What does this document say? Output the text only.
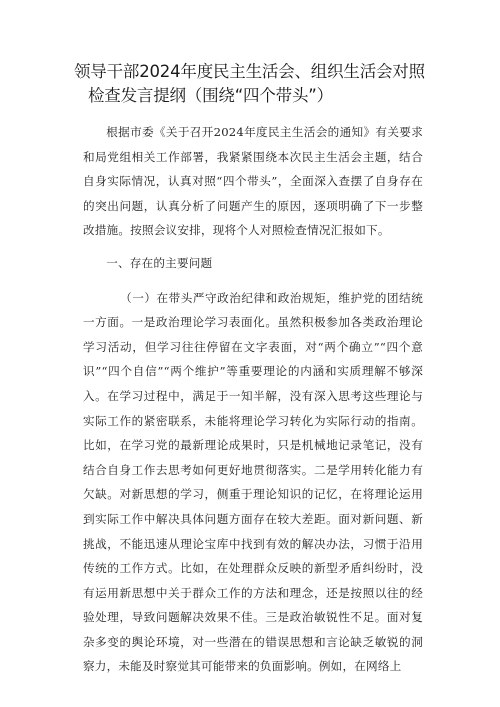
领导干部2024年度民主生活会、组织生活会对照
检查发言提纲（围绕“四个带头”）

根据市委《关于召开2024年度民主生活会的通知》有关要求和局党组相关工作部署，我紧紧围绕本次民主生活会主题，结合自身实际情况，认真对照“四个带头”，全面深入查摆了自身存在的突出问题，认真分析了问题产生的原因，逐项明确了下一步整改措施。按照会议安排，现将个人对照检查情况汇报如下。

一、存在的主要问题

（一）在带头严守政治纪律和政治规矩，维护党的团结统一方面。一是政治理论学习表面化。虽然积极参加各类政治理论学习活动，但学习往往停留在文字表面，对“两个确立”“四个意识”“四个自信”“两个维护”等重要理论的内涵和实质理解不够深入。在学习过程中，满足于一知半解，没有深入思考这些理论与实际工作的紧密联系，未能将理论学习转化为实际行动的指南。比如，在学习党的最新理论成果时，只是机械地记录笔记，没有结合自身工作去思考如何更好地贯彻落实。二是学用转化能力有欠缺。对新思想的学习，侧重于理论知识的记忆，在将理论运用到实际工作中解决具体问题方面存在较大差距。面对新问题、新挑战，不能迅速从理论宝库中找到有效的解决办法，习惯于沿用传统的工作方式。比如，在处理群众反映的新型矛盾纠纷时，没有运用新思想中关于群众工作的方法和理念，还是按照以往的经验处理，导致问题解决效果不佳。三是政治敏锐性不足。面对复杂多变的舆论环境，对一些潜在的错误思想和言论缺乏敏锐的洞察力，未能及时察觉其可能带来的负面影响。例如，在网络上
